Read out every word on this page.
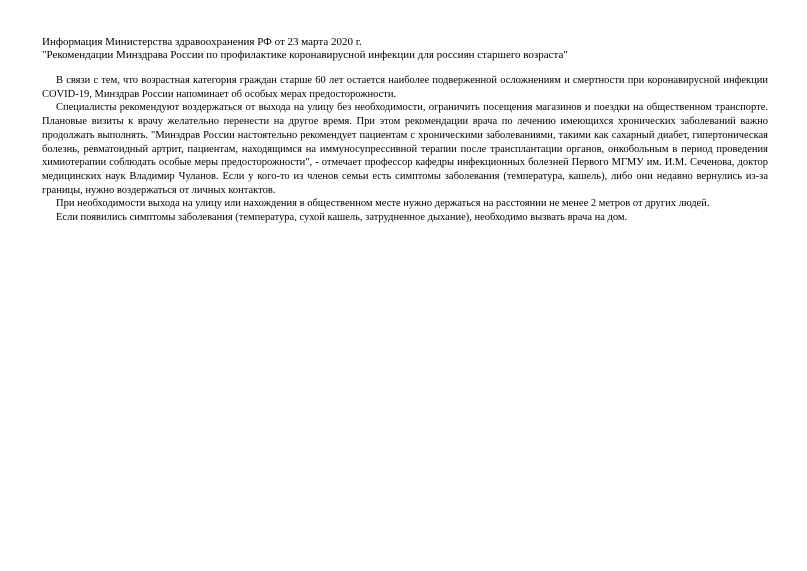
Информация Министерства здравоохранения РФ от 23 марта 2020 г.
"Рекомендации Минздрава России по профилактике коронавирусной инфекции для россиян старшего возраста"

В связи с тем, что возрастная категория граждан старше 60 лет остается наиболее подверженной осложнениям и смертности при коронавирусной инфекции COVID-19, Минздрав России напоминает об особых мерах предосторожности.

Специалисты рекомендуют воздержаться от выхода на улицу без необходимости, ограничить посещения магазинов и поездки на общественном транспорте. Плановые визиты к врачу желательно перенести на другое время. При этом рекомендации врача по лечению имеющихся хронических заболеваний важно продолжать выполнять. "Минздрав России настоятельно рекомендует пациентам с хроническими заболеваниями, такими как сахарный диабет, гипертоническая болезнь, ревматоидный артрит, пациентам, находящимся на иммуносупрессивной терапии после трансплантации органов, онкобольным в период проведения химиотерапии соблюдать особые меры предосторожности", - отмечает профессор кафедры инфекционных болезней Первого МГМУ им. И.М. Сеченова, доктор медицинских наук Владимир Чуланов. Если у кого-то из членов семьи есть симптомы заболевания (температура, кашель), либо они недавно вернулись из-за границы, нужно воздержаться от личных контактов.

При необходимости выхода на улицу или нахождения в общественном месте нужно держаться на расстоянии не менее 2 метров от других людей.

Если появились симптомы заболевания (температура, сухой кашель, затрудненное дыхание), необходимо вызвать врача на дом.
